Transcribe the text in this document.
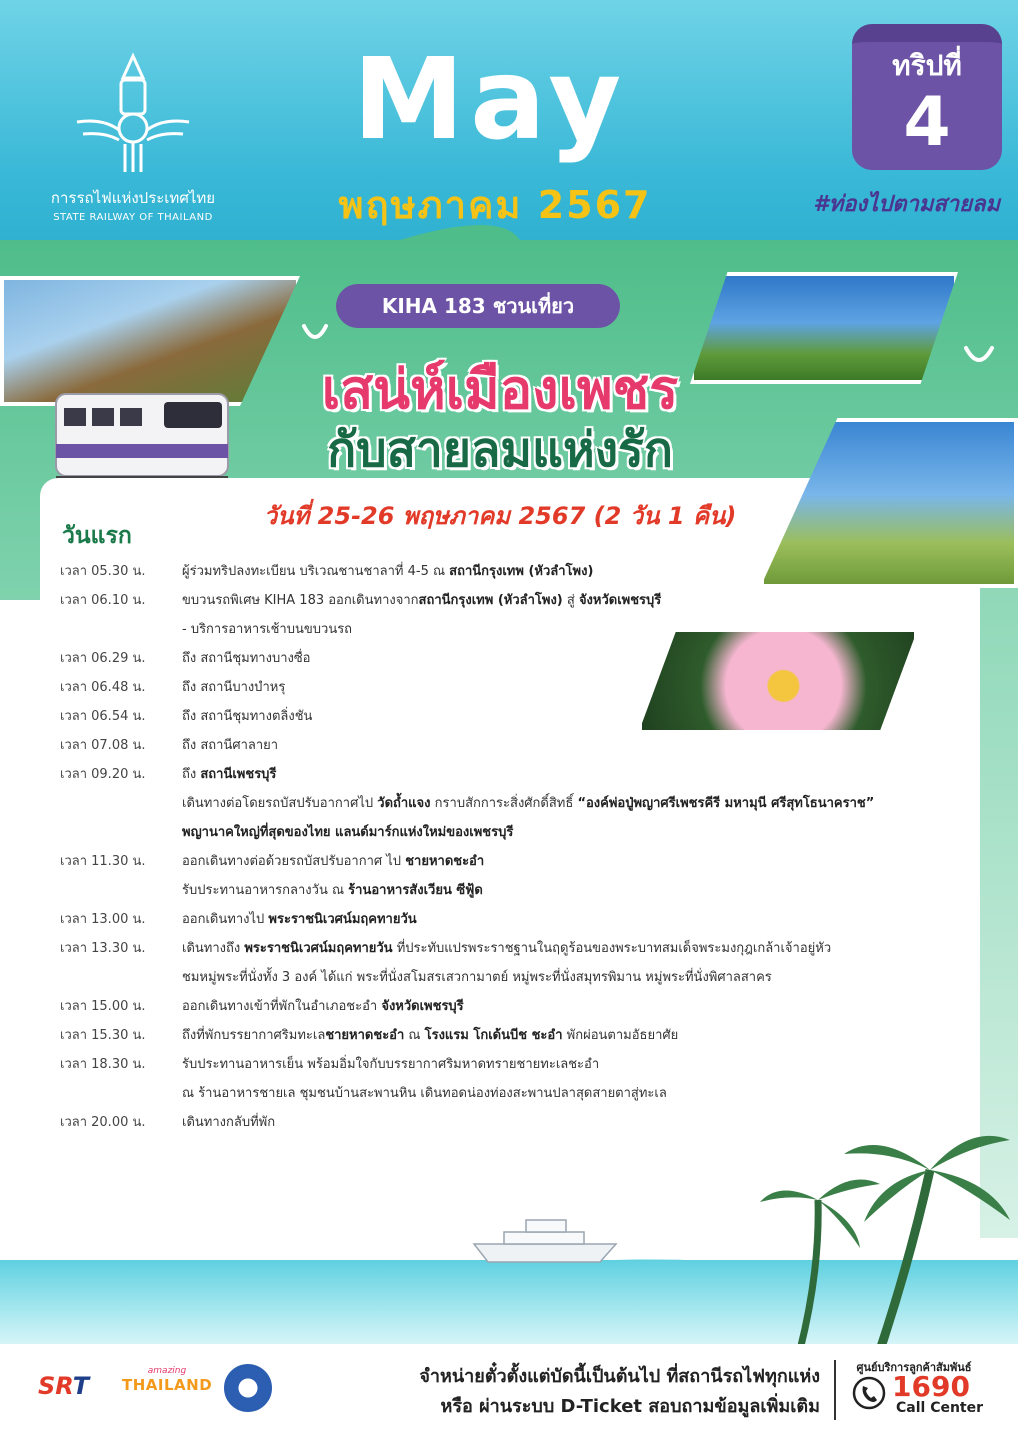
การรถไฟแห่งประเทศไทย
STATE RAILWAY OF THAILAND
May
พฤษภาคม 2567
ทริปที่
4
#ท่องไปตามสายลม
KIHA 183 ชวนเที่ยว
เสน่ห์เมืองเพชร
กับสายลมแห่งรัก
วันที่ 25-26 พฤษภาคม 2567 (2 วัน 1 คืน)
วันแรก
เวลา 05.30 น.	ผู้ร่วมทริปลงทะเบียน บริเวณชานชาลาที่ 4-5 ณ สถานีกรุงเทพ (หัวลำโพง)
เวลา 06.10 น.	ขบวนรถพิเศษ KIHA 183 ออกเดินทางจากสถานีกรุงเทพ (หัวลำโพง) สู่ จังหวัดเพชรบุรี
- บริการอาหารเช้าบนขบวนรถ
เวลา 06.29 น.	ถึง สถานีชุมทางบางซื่อ
เวลา 06.48 น.	ถึง สถานีบางบำหรุ
เวลา 06.54 น.	ถึง สถานีชุมทางตลิ่งชัน
เวลา 07.08 น.	ถึง สถานีศาลายา
เวลา 09.20 น.	ถึง สถานีเพชรบุรี
เดินทางต่อโดยรถบัสปรับอากาศไป วัดถ้ำแจง กราบสักการะสิ่งศักดิ์สิทธิ์ “องค์พ่อปู่พญาศรีเพชรคีรี มหามุนี ศรีสุทโธนาคราช”
พญานาคใหญ่ที่สุดของไทย แลนด์มาร์กแห่งใหม่ของเพชรบุรี
เวลา 11.30 น.	ออกเดินทางต่อด้วยรถบัสปรับอากาศ ไป ชายหาดชะอำ
รับประทานอาหารกลางวัน ณ ร้านอาหารสังเวียน ซีฟู้ด
เวลา 13.00 น.	ออกเดินทางไป พระราชนิเวศน์มฤคทายวัน
เวลา 13.30 น.	เดินทางถึง พระราชนิเวศน์มฤคทายวัน ที่ประทับแปรพระราชฐานในฤดูร้อนของพระบาทสมเด็จพระมงกุฎเกล้าเจ้าอยู่หัว
ชมหมู่พระที่นั่งทั้ง 3 องค์ ได้แก่ พระที่นั่งสโมสรเสวกามาตย์ หมู่พระที่นั่งสมุทรพิมาน หมู่พระที่นั่งพิศาลสาคร
เวลา 15.00 น.	ออกเดินทางเข้าที่พักในอำเภอชะอำ จังหวัดเพชรบุรี
เวลา 15.30 น.	ถึงที่พักบรรยากาศริมทะเลชายหาดชะอำ ณ โรงแรม โกเด้นบีช ชะอำ พักผ่อนตามอัธยาศัย
เวลา 18.30 น.	รับประทานอาหารเย็น พร้อมอิ่มใจกับบรรยากาศริมหาดทรายชายทะเลชะอำ
ณ ร้านอาหารชายเล ชุมชนบ้านสะพานหิน เดินทอดน่องท่องสะพานปลาสุดสายตาสู่ทะเล
เวลา 20.00 น.	เดินทางกลับที่พัก
SRT
amazing
THAILAND	จำหน่ายตั๋วตั้งแต่บัดนี้เป็นต้นไป ที่สถานีรถไฟทุกแห่ง
หรือ ผ่านระบบ D-Ticket สอบถามข้อมูลเพิ่มเติม
ศูนย์บริการลูกค้าสัมพันธ์
1690
Call Center
